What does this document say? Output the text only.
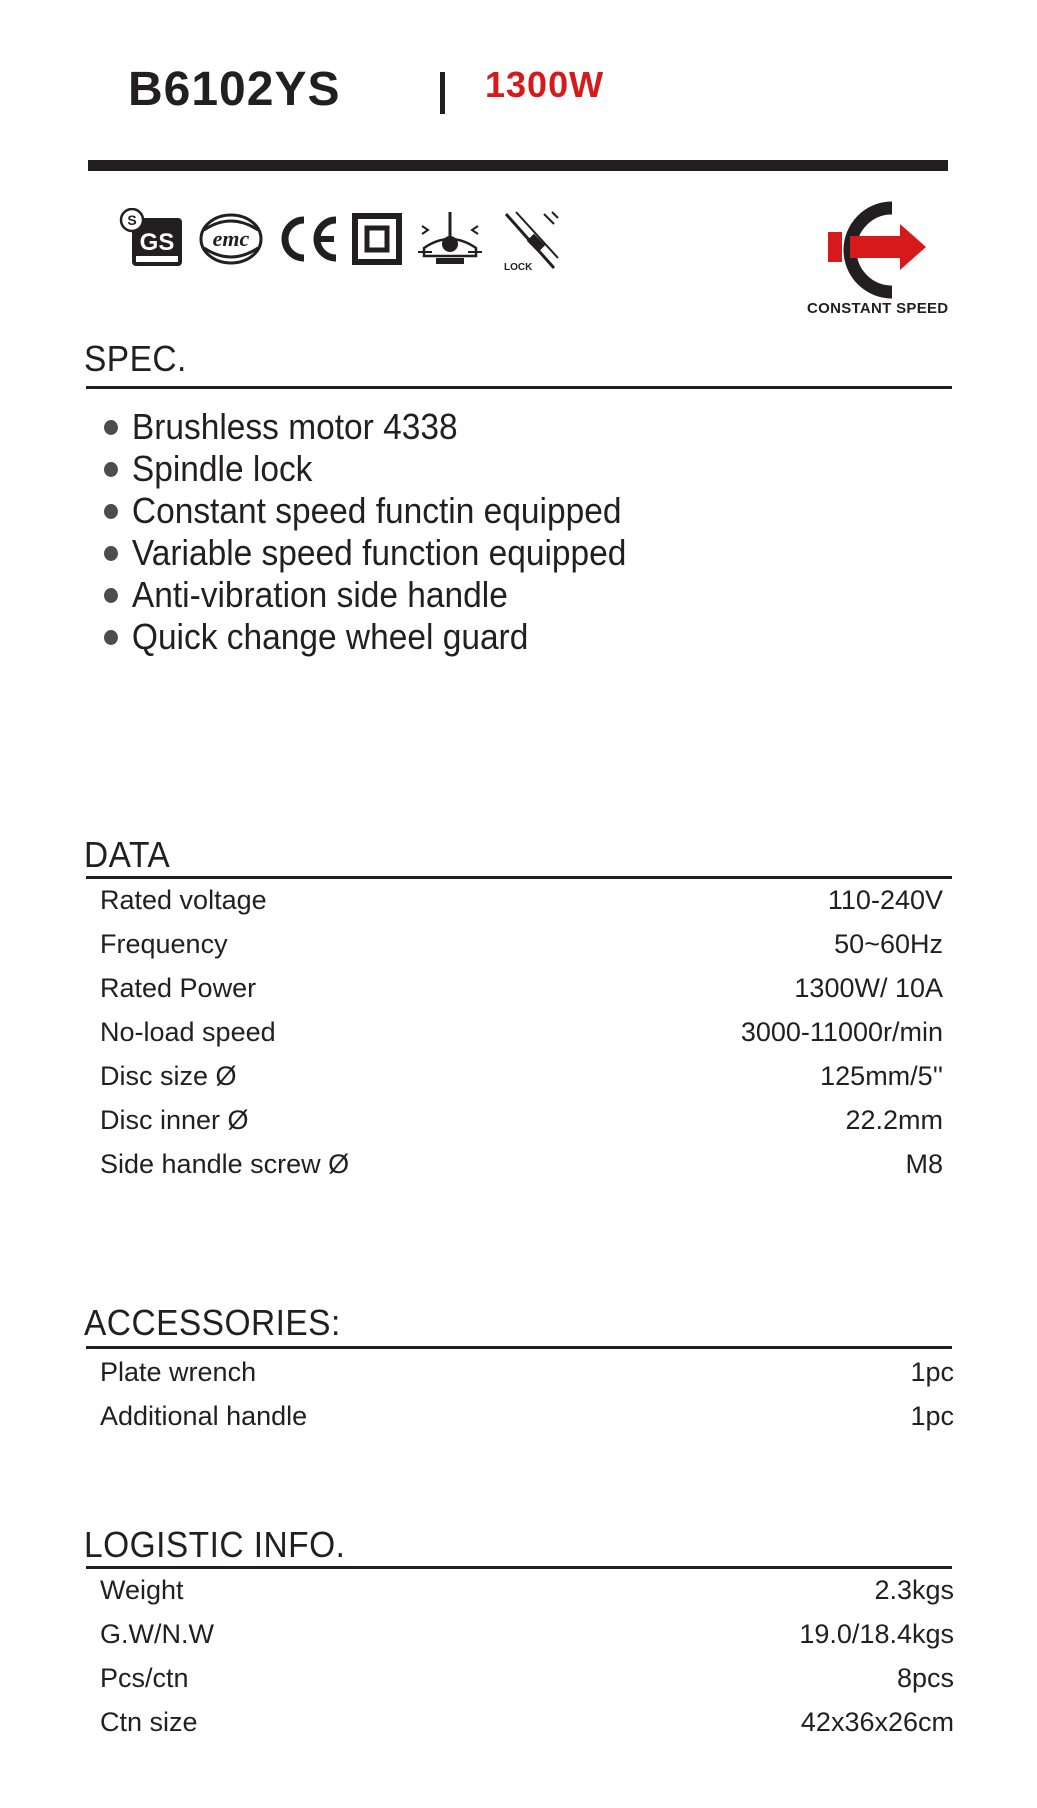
B6102YS	1300W
S
GS emc
LOCK
CONSTANT SPEED
SPEC.
Brushless motor 4338
Spindle lock
Constant speed functin equipped
Variable speed function equipped
Anti-vibration side handle
Quick change wheel guard
DATA
Rated voltage	110-240V
Frequency	50~60Hz
Rated Power	1300W/ 10A
No-load speed	3000-11000r/min
Disc size Ø	125mm/5''
Disc inner Ø	22.2mm
Side handle screw Ø	M8
ACCESSORIES:
Plate wrench	1pc
Additional handle	1pc
LOGISTIC INFO.
Weight	2.3kgs
G.W/N.W	19.0/18.4kgs
Pcs/ctn	8pcs
Ctn size	42x36x26cm
